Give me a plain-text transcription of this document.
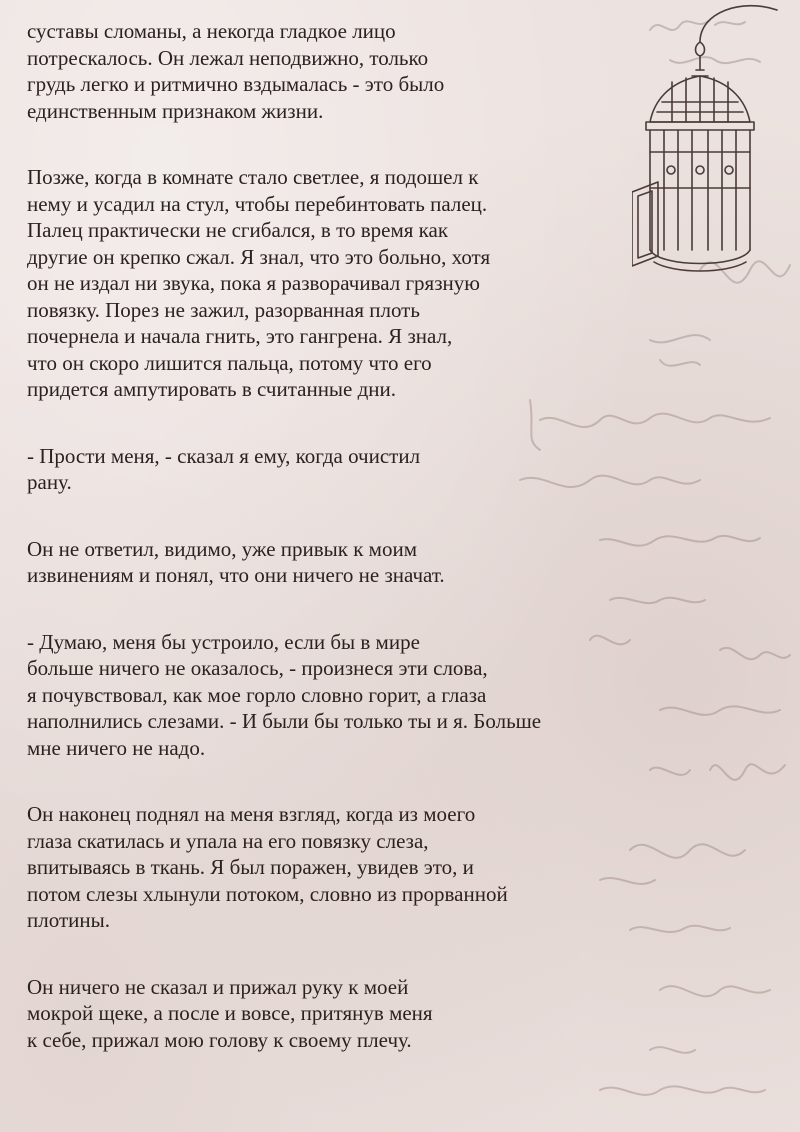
суставы сломаны, а некогда гладкое лицо
потрескалось. Он лежал неподвижно, только
грудь легко и ритмично вздымалась - это было
единственным признаком жизни.

Позже, когда в комнате стало светлее, я подошел к
нему и усадил на стул, чтобы перебинтовать палец.
Палец практически не сгибался, в то время как
другие он крепко сжал. Я знал, что это больно, хотя
он не издал ни звука, пока я разворачивал грязную
повязку. Порез не зажил, разорванная плоть
почернела и начала гнить, это гангрена. Я знал,
что он скоро лишится пальца, потому что его
придется ампутировать в считанные дни.

- Прости меня, - сказал я ему, когда очистил
рану.

Он не ответил, видимо, уже привык к моим
извинениям и понял, что они ничего не значат.

- Думаю, меня бы устроило, если бы в мире
больше ничего не оказалось, - произнеся эти слова,
я почувствовал, как мое горло словно горит, а глаза
наполнились слезами. - И были бы только ты и я. Больше
мне ничего не надо.

Он наконец поднял на меня взгляд, когда из моего
глаза скатилась и упала на его повязку слеза,
впитываясь в ткань. Я был поражен, увидев это, и
потом слезы хлынули потоком, словно из прорванной
плотины.

Он ничего не сказал и прижал руку к моей
мокрой щеке, а после и вовсе, притянув меня
к себе, прижал мою голову к своему плечу.
